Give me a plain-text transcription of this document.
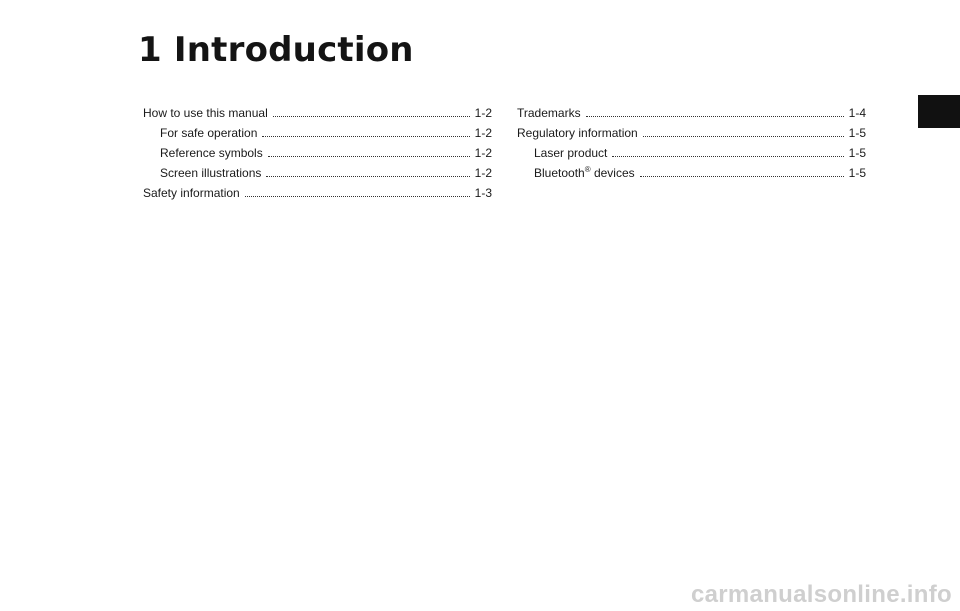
1 Introduction
How to use this manual	1-2
For safe operation	1-2
Reference symbols	1-2
Screen illustrations	1-2
Safety information	1-3
Trademarks	1-4
Regulatory information	1-5
Laser product	1-5
Bluetooth® devices	1-5
carmanualsonline.info
